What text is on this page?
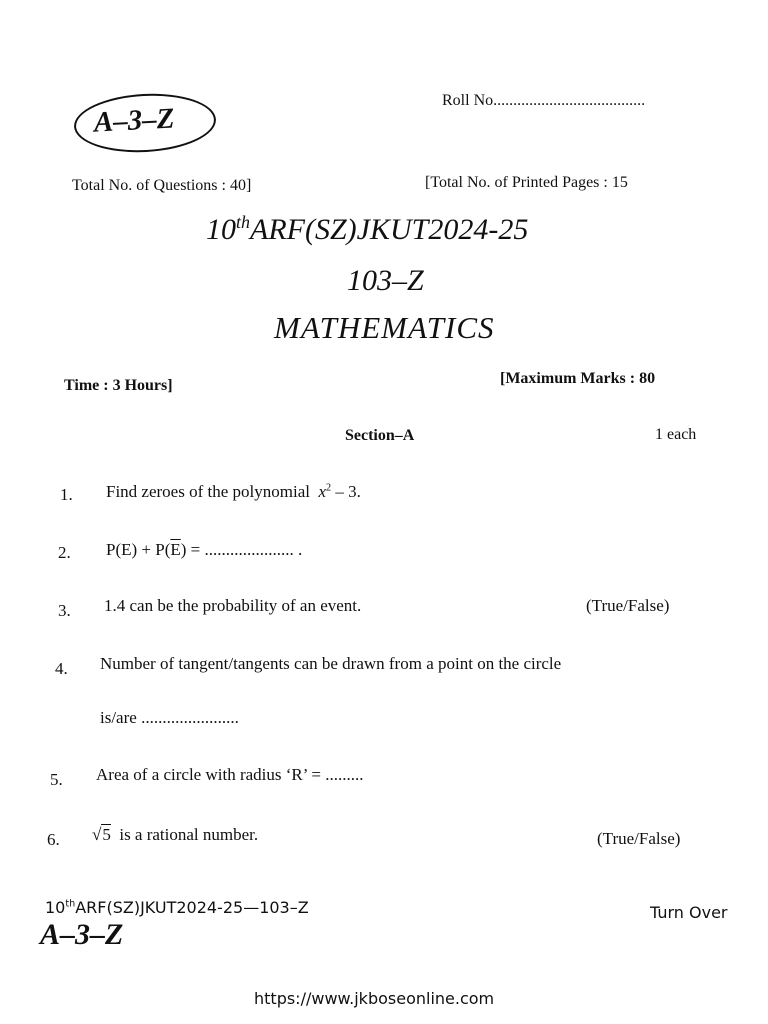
A–3–Z
Roll No......................................
Total No. of Questions : 40]	[Total No. of Printed Pages : 15
10thARF(SZ)JKUT2024-25
103–Z
MATHEMATICS
Time : 3 Hours]	[Maximum Marks : 80
Section–A	1 each
1. Find zeroes of the polynomial $x^2 - 3$.
2. $P(E) + P(\overline{E})$ = ..................... .
3. 1.4 can be the probability of an event.	(True/False)
4. Number of tangent/tangents can be drawn from a point on the circle
is/are .......................
5. Area of a circle with radius ‘R’ = .........
6. √5 is a rational number.	(True/False)
10thARF(SZ)JKUT2024-25—103–Z
A–3–Z
Turn Over
https://www.jkboseonline.com
